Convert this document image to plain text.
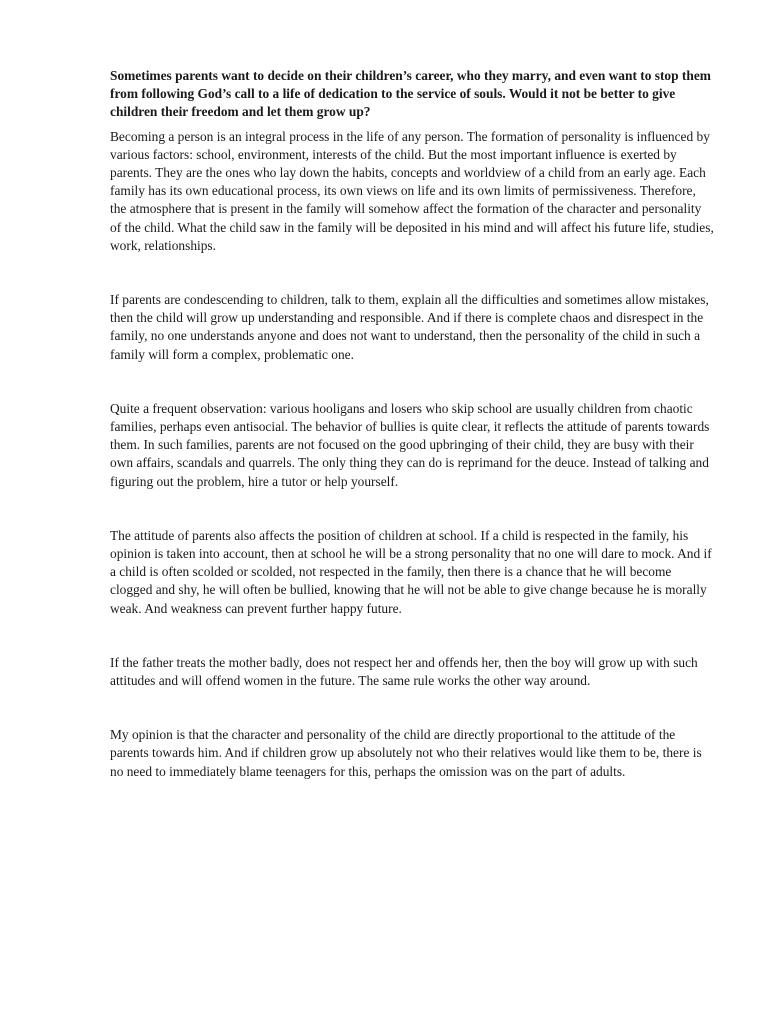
Sometimes parents want to decide on their children’s career, who they marry, and even want to stop them from following God’s call to a life of dedication to the service of souls. Would it not be better to give children their freedom and let them grow up?

Becoming a person is an integral process in the life of any person. The formation of personality is influenced by various factors: school, environment, interests of the child. But the most important influence is exerted by parents. They are the ones who lay down the habits, concepts and worldview of a child from an early age. Each family has its own educational process, its own views on life and its own limits of permissiveness. Therefore, the atmosphere that is present in the family will somehow affect the formation of the character and personality of the child. What the child saw in the family will be deposited in his mind and will affect his future life, studies, work, relationships.

If parents are condescending to children, talk to them, explain all the difficulties and sometimes allow mistakes, then the child will grow up understanding and responsible. And if there is complete chaos and disrespect in the family, no one understands anyone and does not want to understand, then the personality of the child in such a family will form a complex, problematic one.

Quite a frequent observation: various hooligans and losers who skip school are usually children from chaotic families, perhaps even antisocial. The behavior of bullies is quite clear, it reflects the attitude of parents towards them. In such families, parents are not focused on the good upbringing of their child, they are busy with their own affairs, scandals and quarrels. The only thing they can do is reprimand for the deuce. Instead of talking and figuring out the problem, hire a tutor or help yourself.

The attitude of parents also affects the position of children at school. If a child is respected in the family, his opinion is taken into account, then at school he will be a strong personality that no one will dare to mock. And if a child is often scolded or scolded, not respected in the family, then there is a chance that he will become clogged and shy, he will often be bullied, knowing that he will not be able to give change because he is morally weak. And weakness can prevent further happy future.

If the father treats the mother badly, does not respect her and offends her, then the boy will grow up with such attitudes and will offend women in the future. The same rule works the other way around.

My opinion is that the character and personality of the child are directly proportional to the attitude of the parents towards him. And if children grow up absolutely not who their relatives would like them to be, there is no need to immediately blame teenagers for this, perhaps the omission was on the part of adults.
